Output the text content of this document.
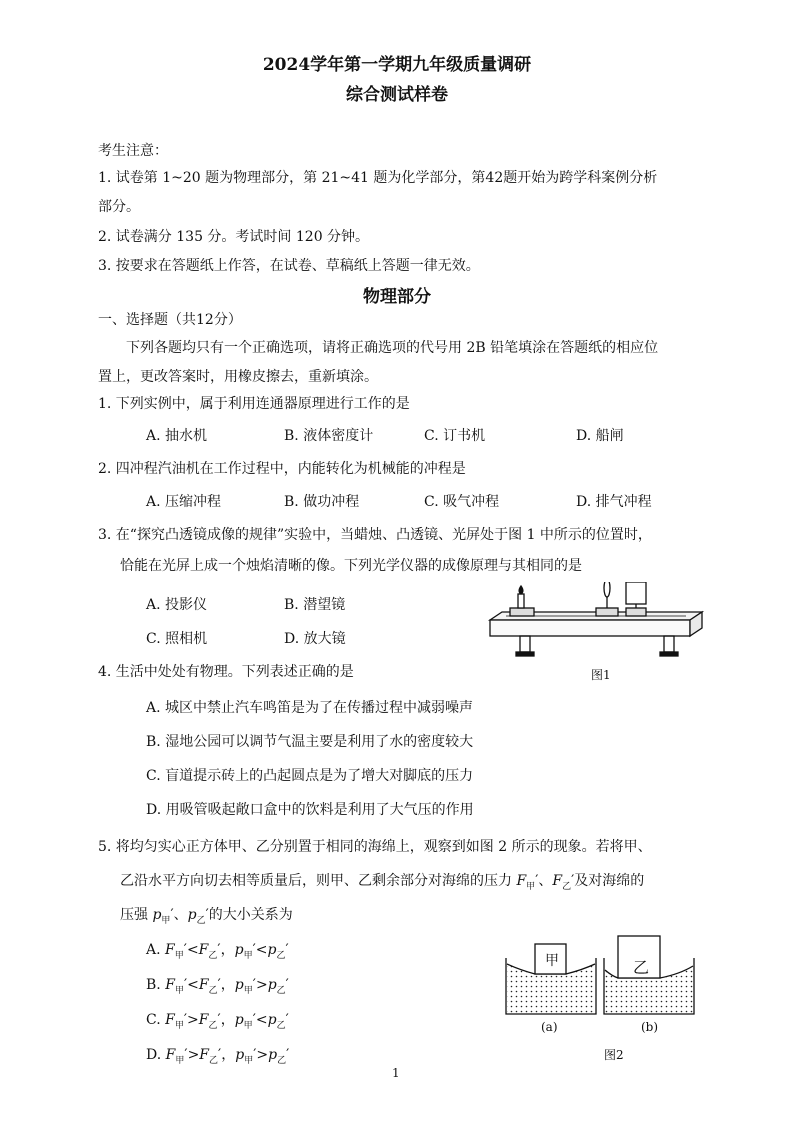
2024学年第一学期九年级质量调研
综合测试样卷
考生注意：
1. 试卷第 1~20 题为物理部分，第 21~41 题为化学部分，第42题开始为跨学科案例分析
部分。
2. 试卷满分 135 分。考试时间 120 分钟。
3. 按要求在答题纸上作答，在试卷、草稿纸上答题一律无效。
物理部分
一、选择题（共12分）
下列各题均只有一个正确选项，请将正确选项的代号用 2B 铅笔填涂在答题纸的相应位
置上，更改答案时，用橡皮擦去，重新填涂。
1. 下列实例中，属于利用连通器原理进行工作的是
A. 抽水机	B. 液体密度计	C. 订书机	D. 船闸
2. 四冲程汽油机在工作过程中，内能转化为机械能的冲程是
A. 压缩冲程	B. 做功冲程	C. 吸气冲程	D. 排气冲程
3. 在“探究凸透镜成像的规律”实验中，当蜡烛、凸透镜、光屏处于图 1 中所示的位置时，
恰能在光屏上成一个烛焰清晰的像。下列光学仪器的成像原理与其相同的是
A. 投影仪	B. 潜望镜
C. 照相机	D. 放大镜
图1
4. 生活中处处有物理。下列表述正确的是
A. 城区中禁止汽车鸣笛是为了在传播过程中减弱噪声
B. 湿地公园可以调节气温主要是利用了水的密度较大
C. 盲道提示砖上的凸起圆点是为了增大对脚底的压力
D. 用吸管吸起敞口盒中的饮料是利用了大气压的作用
5. 将均匀实心正方体甲、乙分别置于相同的海绵上，观察到如图 2 所示的现象。若将甲、
乙沿水平方向切去相等质量后，则甲、乙剩余部分对海绵的压力 $F_甲'$、$F_乙'$及对海绵的
压强 $p_甲'$、$p_乙'$的大小关系为
A. $F_甲'<F_乙'$，$p_甲'<p_乙'$
B. $F_甲'<F_乙'$，$p_甲'>p_乙'$
C. $F_甲'>F_乙'$，$p_甲'<p_乙'$
D. $F_甲'>F_乙'$，$p_甲'>p_乙'$
甲	乙
(a)	(b)
图2
1
